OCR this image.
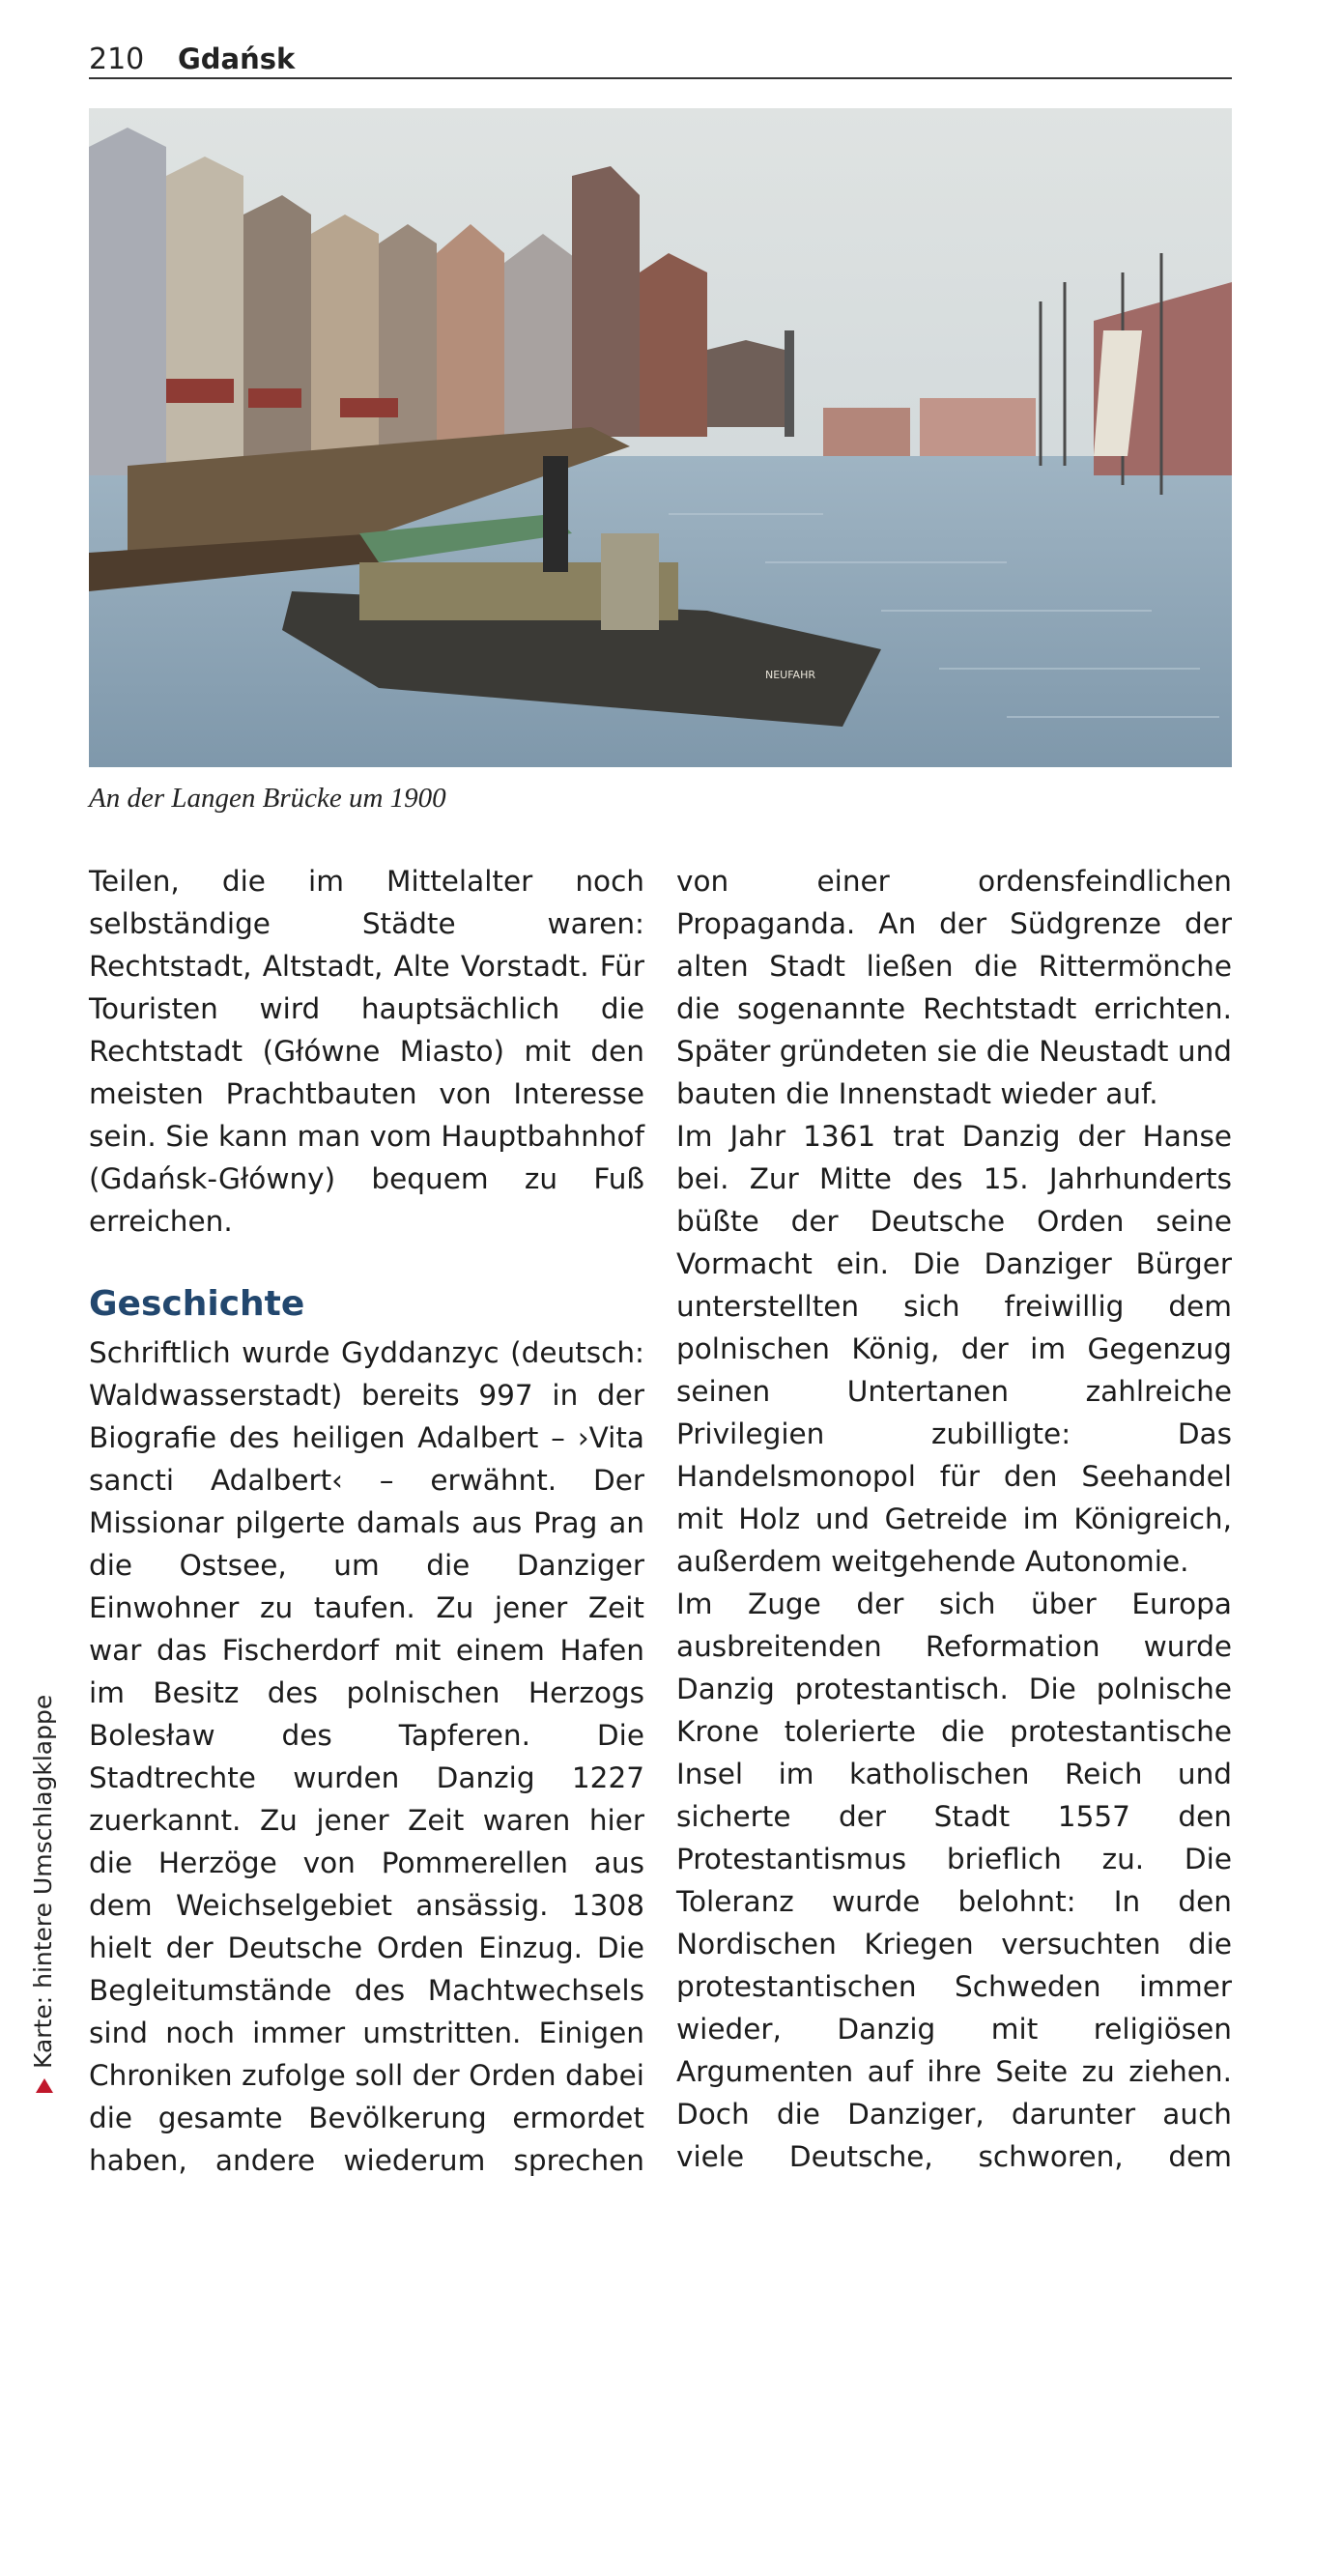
210 Gdańsk
NEUFAHR
An der Langen Brücke um 1900

Teilen, die im Mittelalter noch selbständige Städte waren: Rechtstadt, Altstadt, Alte Vorstadt. Für Touristen wird hauptsächlich die Rechtstadt (Główne Miasto) mit den meisten Prachtbauten von Interesse sein. Sie kann man vom Hauptbahnhof (Gdańsk-Główny) bequem zu Fuß erreichen.

Geschichte

Schriftlich wurde Gyddanzyc (deutsch: Waldwasserstadt) bereits 997 in der Biografie des heiligen Adalbert – ›Vita sancti Adalbert‹ – erwähnt. Der Missionar pilgerte damals aus Prag an die Ostsee, um die Danziger Einwohner zu taufen. Zu jener Zeit war das Fischerdorf mit einem Hafen im Besitz des polnischen Herzogs Bolesław des Tapferen. Die Stadtrechte wurden Danzig 1227 zuerkannt. Zu jener Zeit waren hier die Herzöge von Pommerellen aus dem Weichselgebiet ansässig. 1308 hielt der Deutsche Orden Einzug. Die Begleitumstände des Machtwechsels sind noch immer umstritten. Einigen Chroniken zufolge soll der Orden dabei die gesamte Bevölkerung ermordet haben, andere wiederum sprechen

von einer ordensfeindlichen Propaganda. An der Südgrenze der alten Stadt ließen die Rittermönche die sogenannte Rechtstadt errichten. Später gründeten sie die Neustadt und bauten die Innenstadt wieder auf.

Im Jahr 1361 trat Danzig der Hanse bei. Zur Mitte des 15. Jahrhunderts büßte der Deutsche Orden seine Vormacht ein. Die Danziger Bürger unterstellten sich freiwillig dem polnischen König, der im Gegenzug seinen Untertanen zahlreiche Privilegien zubilligte: Das Handelsmonopol für den Seehandel mit Holz und Getreide im Königreich, außerdem weitgehende Autonomie.

Im Zuge der sich über Europa ausbreitenden Reformation wurde Danzig protestantisch. Die polnische Krone tolerierte die protestantische Insel im katholischen Reich und sicherte der Stadt 1557 den Protestantismus brieflich zu. Die Toleranz wurde belohnt: In den Nordischen Kriegen versuchten die protestantischen Schweden immer wieder, Danzig mit religiösen Argumenten auf ihre Seite zu ziehen. Doch die Danziger, darunter auch viele Deutsche, schworen, dem

Karte: hintere Umschlagklappe
